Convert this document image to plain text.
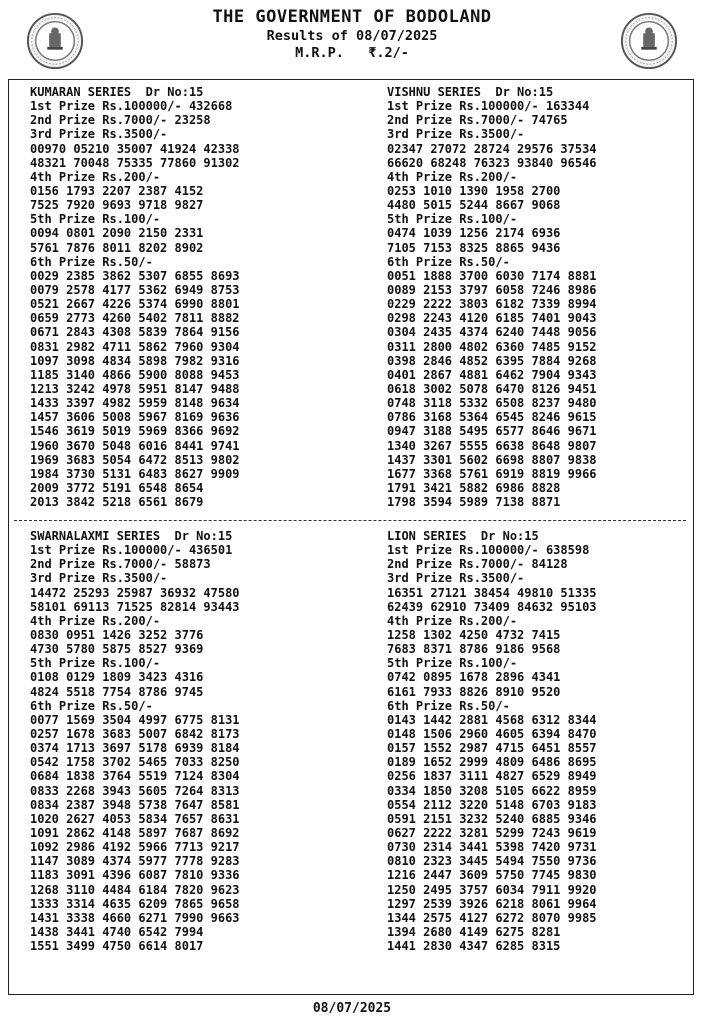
THE GOVERNMENT OF BODOLAND
Results of 08/07/2025
M.R.P.   ₹.2/-
KUMARAN SERIES  Dr No:15
1st Prize Rs.100000/- 432668
2nd Prize Rs.7000/- 23258
3rd Prize Rs.3500/-
00970 05210 35007 41924 42338
48321 70048 75335 77860 91302
4th Prize Rs.200/-
0156 1793 2207 2387 4152
7525 7920 9693 9718 9827
5th Prize Rs.100/-
0094 0801 2090 2150 2331
5761 7876 8011 8202 8902
6th Prize Rs.50/-
0029 2385 3862 5307 6855 8693
0079 2578 4177 5362 6949 8753
0521 2667 4226 5374 6990 8801
0659 2773 4260 5402 7811 8882
0671 2843 4308 5839 7864 9156
0831 2982 4711 5862 7960 9304
1097 3098 4834 5898 7982 9316
1185 3140 4866 5900 8088 9453
1213 3242 4978 5951 8147 9488
1433 3397 4982 5959 8148 9634
1457 3606 5008 5967 8169 9636
1546 3619 5019 5969 8366 9692
1960 3670 5048 6016 8441 9741
1969 3683 5054 6472 8513 9802
1984 3730 5131 6483 8627 9909
2009 3772 5191 6548 8654
2013 3842 5218 6561 8679
VISHNU SERIES  Dr No:15
1st Prize Rs.100000/- 163344
2nd Prize Rs.7000/- 74765
3rd Prize Rs.3500/-
02347 27072 28724 29576 37534
66620 68248 76323 93840 96546
4th Prize Rs.200/-
0253 1010 1390 1958 2700
4480 5015 5244 8667 9068
5th Prize Rs.100/-
0474 1039 1256 2174 6936
7105 7153 8325 8865 9436
6th Prize Rs.50/-
0051 1888 3700 6030 7174 8881
0089 2153 3797 6058 7246 8986
0229 2222 3803 6182 7339 8994
0298 2243 4120 6185 7401 9043
0304 2435 4374 6240 7448 9056
0311 2800 4802 6360 7485 9152
0398 2846 4852 6395 7884 9268
0401 2867 4881 6462 7904 9343
0618 3002 5078 6470 8126 9451
0748 3118 5332 6508 8237 9480
0786 3168 5364 6545 8246 9615
0947 3188 5495 6577 8646 9671
1340 3267 5555 6638 8648 9807
1437 3301 5602 6698 8807 9838
1677 3368 5761 6919 8819 9966
1791 3421 5882 6986 8828
1798 3594 5989 7138 8871
SWARNALAXMI SERIES  Dr No:15
1st Prize Rs.100000/- 436501
2nd Prize Rs.7000/- 58873
3rd Prize Rs.3500/-
14472 25293 25987 36932 47580
58101 69113 71525 82814 93443
4th Prize Rs.200/-
0830 0951 1426 3252 3776
4730 5780 5875 8527 9369
5th Prize Rs.100/-
0108 0129 1809 3423 4316
4824 5518 7754 8786 9745
6th Prize Rs.50/-
0077 1569 3504 4997 6775 8131
0257 1678 3683 5007 6842 8173
0374 1713 3697 5178 6939 8184
0542 1758 3702 5465 7033 8250
0684 1838 3764 5519 7124 8304
0833 2268 3943 5605 7264 8313
0834 2387 3948 5738 7647 8581
1020 2627 4053 5834 7657 8631
1091 2862 4148 5897 7687 8692
1092 2986 4192 5966 7713 9217
1147 3089 4374 5977 7778 9283
1183 3091 4396 6087 7810 9336
1268 3110 4484 6184 7820 9623
1333 3314 4635 6209 7865 9658
1431 3338 4660 6271 7990 9663
1438 3441 4740 6542 7994
1551 3499 4750 6614 8017
LION SERIES  Dr No:15
1st Prize Rs.100000/- 638598
2nd Prize Rs.7000/- 84128
3rd Prize Rs.3500/-
16351 27121 38454 49810 51335
62439 62910 73409 84632 95103
4th Prize Rs.200/-
1258 1302 4250 4732 7415
7683 8371 8786 9186 9568
5th Prize Rs.100/-
0742 0895 1678 2896 4341
6161 7933 8826 8910 9520
6th Prize Rs.50/-
0143 1442 2881 4568 6312 8344
0148 1506 2960 4605 6394 8470
0157 1552 2987 4715 6451 8557
0189 1652 2999 4809 6486 8695
0256 1837 3111 4827 6529 8949
0334 1850 3208 5105 6622 8959
0554 2112 3220 5148 6703 9183
0591 2151 3232 5240 6885 9346
0627 2222 3281 5299 7243 9619
0730 2314 3441 5398 7420 9731
0810 2323 3445 5494 7550 9736
1216 2447 3609 5750 7745 9830
1250 2495 3757 6034 7911 9920
1297 2539 3926 6218 8061 9964
1344 2575 4127 6272 8070 9985
1394 2680 4149 6275 8281
1441 2830 4347 6285 8315
08/07/2025
